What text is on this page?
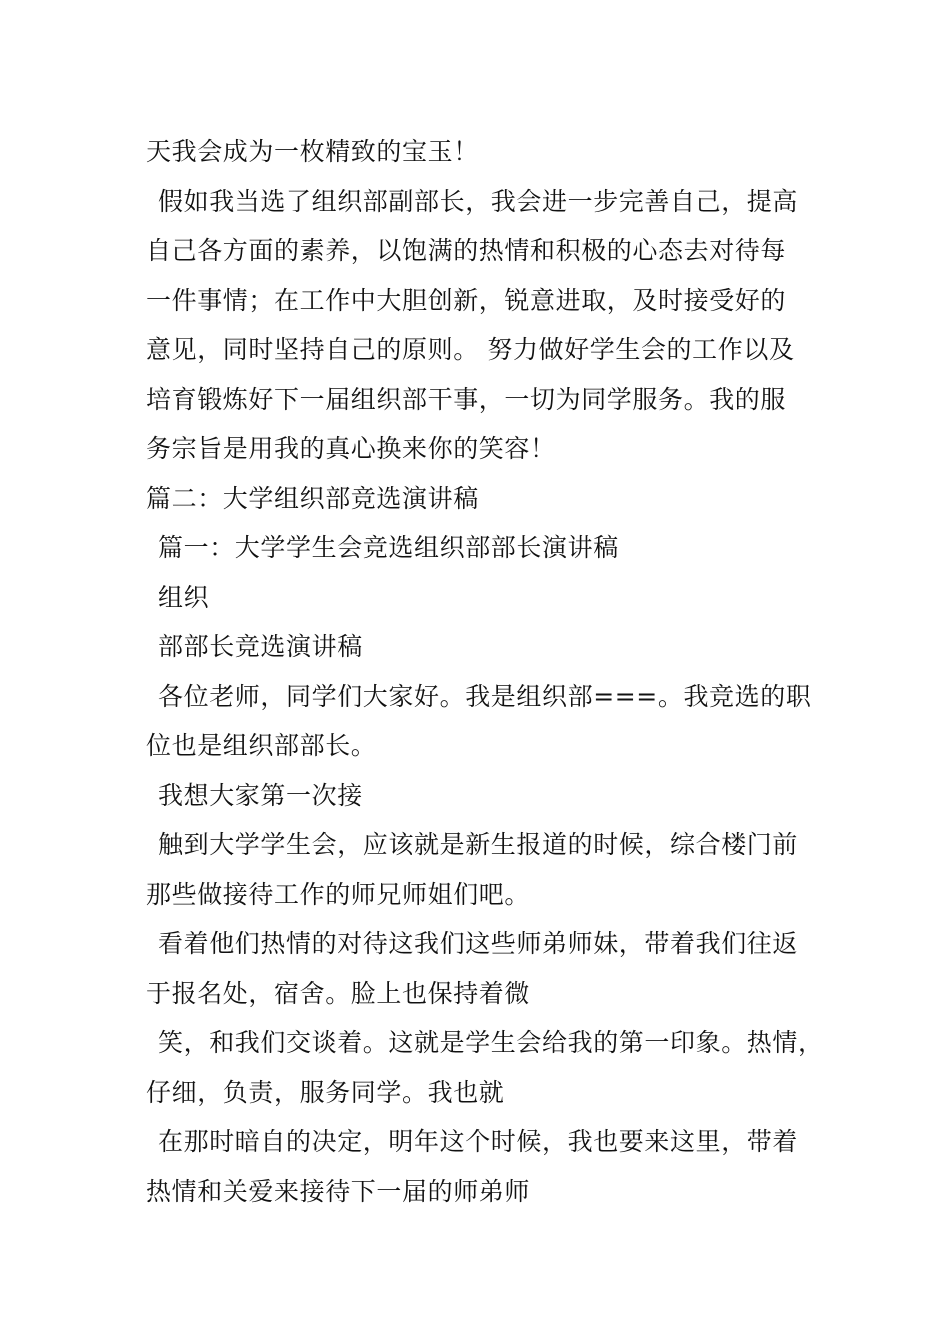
天我会成为一枚精致的宝玉！
假如我当选了组织部副部长，我会进一步完善自己，提高
自己各方面的素养，以饱满的热情和积极的心态去对待每
一件事情；在工作中大胆创新，锐意进取，及时接受好的
意见，同时坚持自己的原则。 努力做好学生会的工作以及
培育锻炼好下一届组织部干事，一切为同学服务。我的服
务宗旨是用我的真心换来你的笑容！
篇二：大学组织部竞选演讲稿
篇一：大学学生会竞选组织部部长演讲稿
组织
部部长竞选演讲稿
各位老师，同学们大家好。我是组织部===。我竞选的职
位也是组织部部长。
我想大家第一次接
触到大学学生会，应该就是新生报道的时候，综合楼门前
那些做接待工作的师兄师姐们吧。
看着他们热情的对待这我们这些师弟师妹，带着我们往返
于报名处，宿舍。脸上也保持着微
笑，和我们交谈着。这就是学生会给我的第一印象。热情，
仔细，负责，服务同学。我也就
在那时暗自的决定，明年这个时候，我也要来这里，带着
热情和关爱来接待下一届的师弟师
